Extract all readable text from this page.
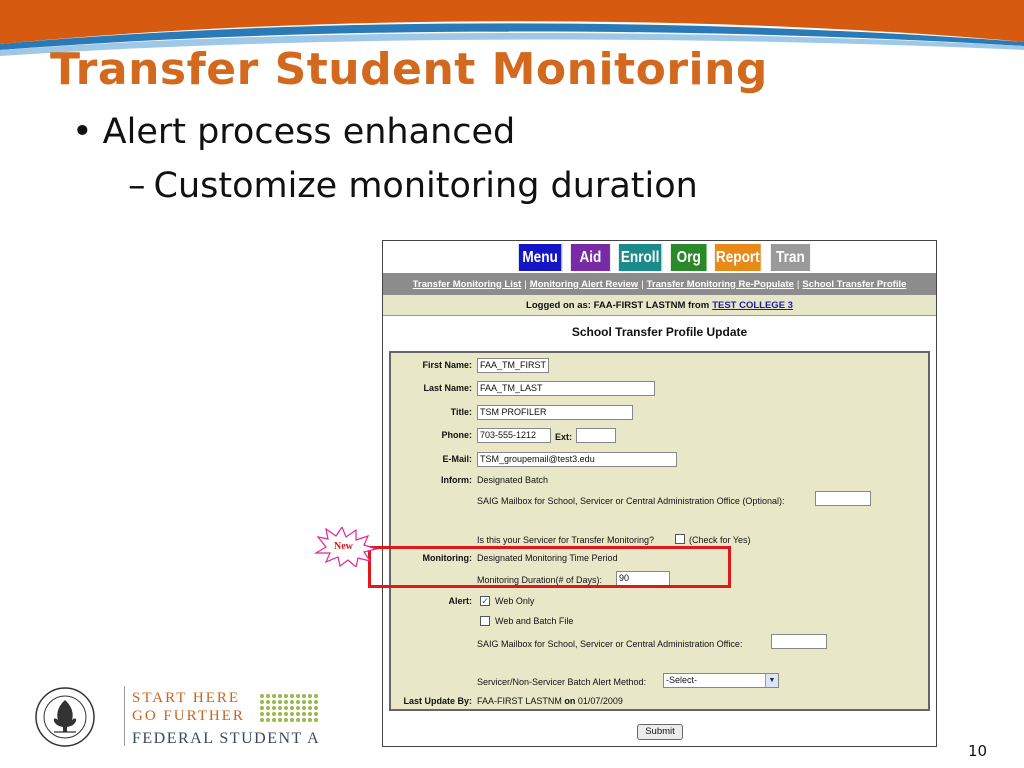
Transfer Student Monitoring
• Alert process enhanced
– Customize monitoring duration
Menu	Aid	Enroll	Org Report	Tran
Transfer Monitoring List | Monitoring Alert Review | Transfer Monitoring Re-Populate | School Transfer Profile
Logged on as: FAA-FIRST LASTNM from TEST COLLEGE 3
School Transfer Profile Update
First Name: FAA_TM_FIRST
Last Name: FAA_TM_LAST
Title: TSM PROFILER
Phone: 703-555-1212	Ext:
E-Mail: TSM_groupemail@test3.edu
Inform: Designated Batch
SAIG Mailbox for School, Servicer or Central Administration Office (Optional):
Is this your Servicer for Transfer Monitoring?	(Check for Yes)
Monitoring: Designated Monitoring Time Period
Monitoring Duration(# of Days):	90
Alert: ✓ Web Only
Web and Batch File
SAIG Mailbox for School, Servicer or Central Administration Office:
Servicer/Non-Servicer Batch Alert Method:	-Select-	▼
Last Update By: FAA-FIRST LASTNM on 01/07/2009
Submit
New
START HERE
GO FURTHER
FEDERAL STUDENT A
10
